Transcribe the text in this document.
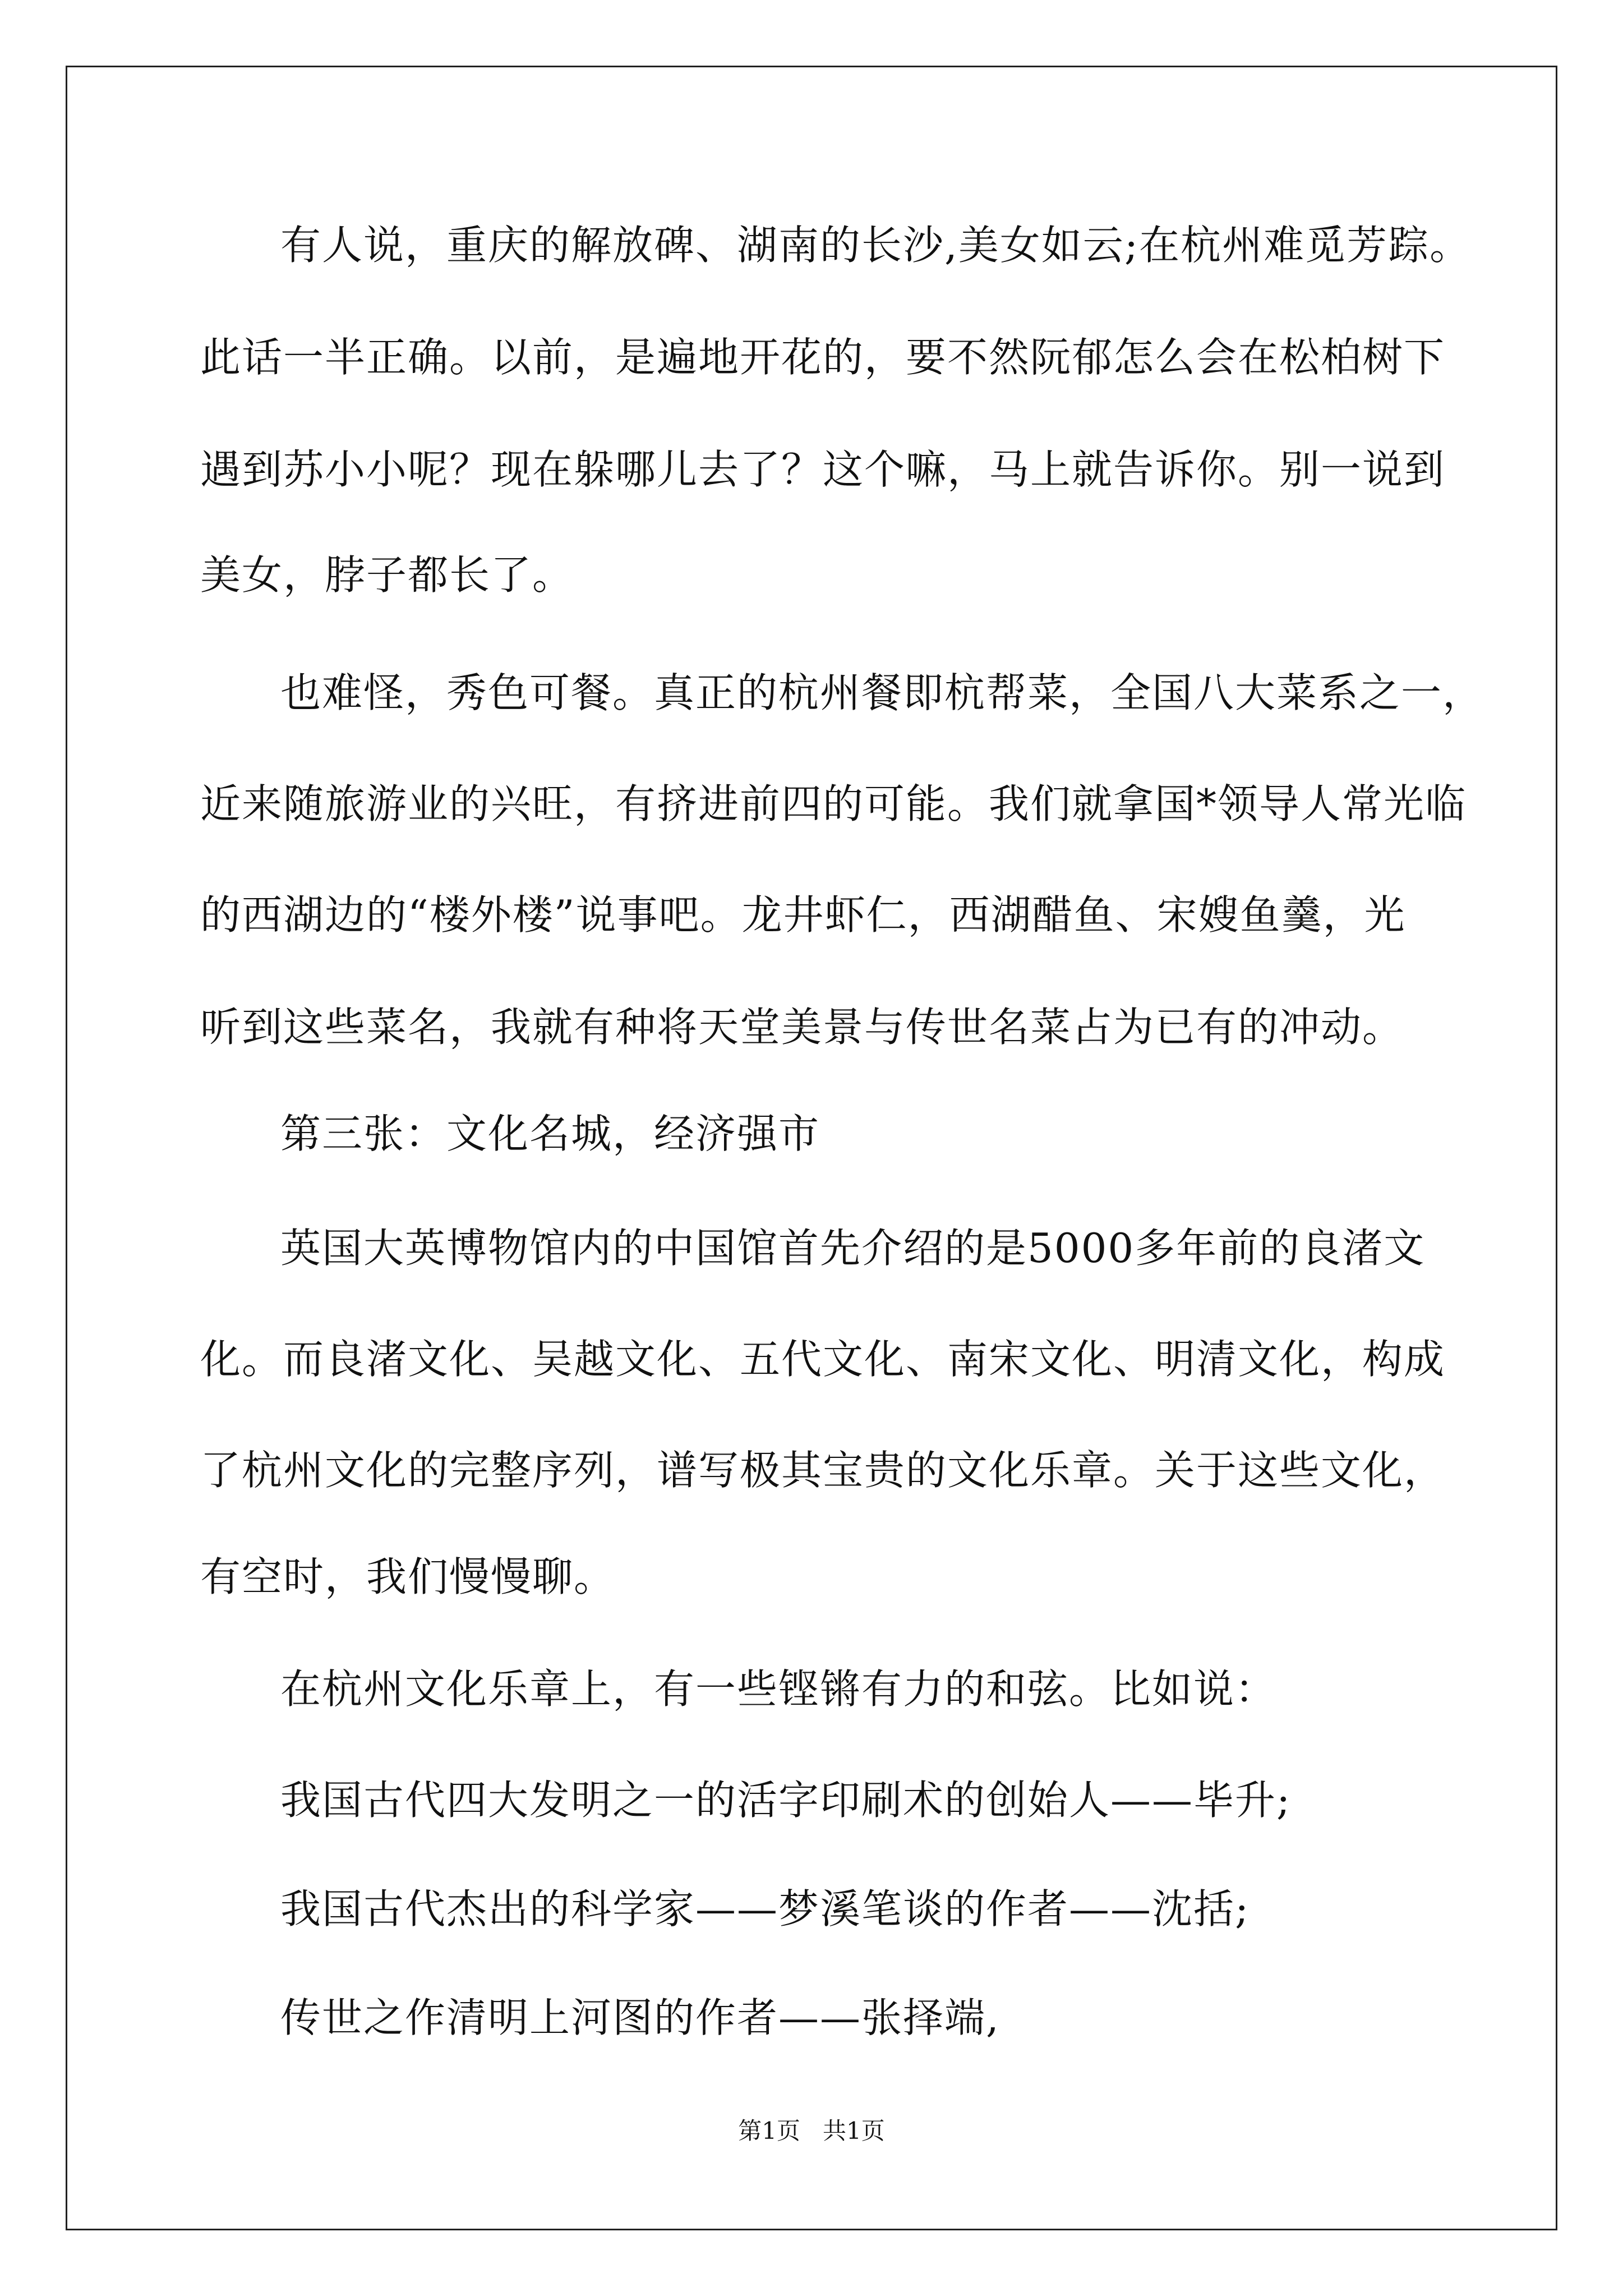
有人说，重庆的解放碑、湖南的长沙,美女如云;在杭州难觅芳踪。
此话一半正确。以前，是遍地开花的，要不然阮郁怎么会在松柏树下
遇到苏小小呢？现在躲哪儿去了？这个嘛，马上就告诉你。别一说到
美女，脖子都长了。
也难怪，秀色可餐。真正的杭州餐即杭帮菜，全国八大菜系之一，
近来随旅游业的兴旺，有挤进前四的可能。我们就拿国*领导人常光临
的西湖边的“楼外楼”说事吧。龙井虾仁，西湖醋鱼、宋嫂鱼羹，光
听到这些菜名，我就有种将天堂美景与传世名菜占为已有的冲动。
第三张：文化名城，经济强市
英国大英博物馆内的中国馆首先介绍的是5000多年前的良渚文
化。而良渚文化、吴越文化、五代文化、南宋文化、明清文化，构成
了杭州文化的完整序列，谱写极其宝贵的文化乐章。关于这些文化，
有空时，我们慢慢聊。
在杭州文化乐章上，有一些铿锵有力的和弦。比如说：
我国古代四大发明之一的活字印刷术的创始人——毕升;
我国古代杰出的科学家——梦溪笔谈的作者——沈括;
传世之作清明上河图的作者——张择端,
第1页   共1页
